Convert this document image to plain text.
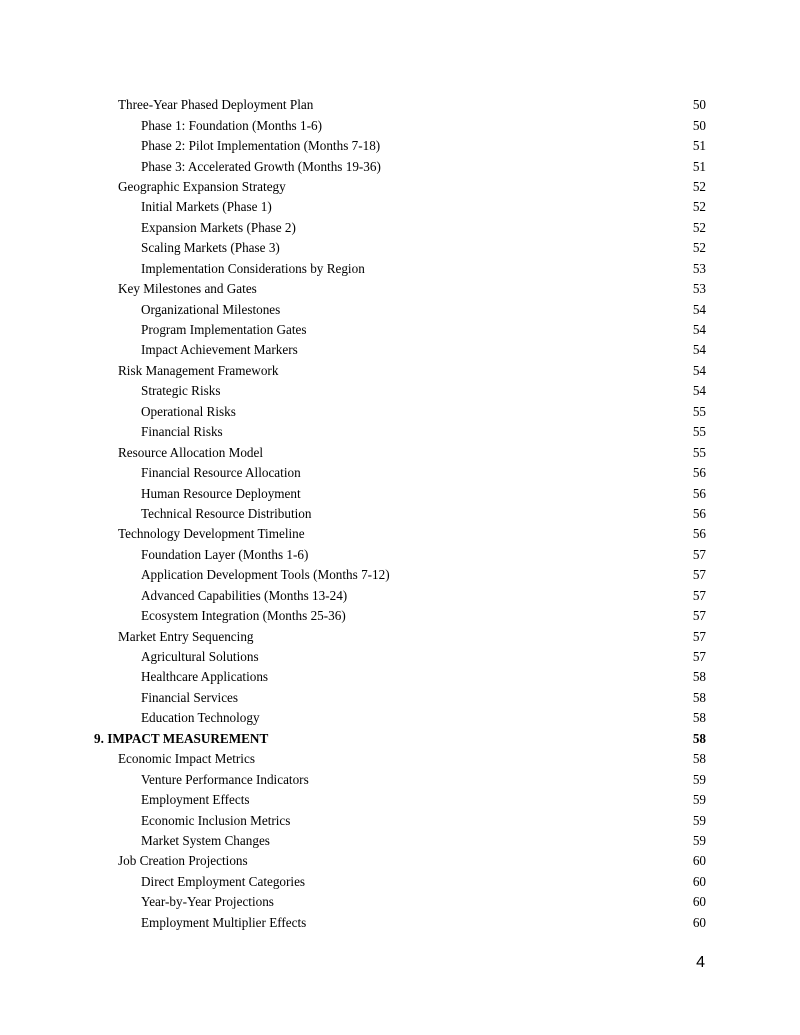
Three-Year Phased Deployment Plan	50
Phase 1: Foundation (Months 1-6)	50
Phase 2: Pilot Implementation (Months 7-18)	51
Phase 3: Accelerated Growth (Months 19-36)	51
Geographic Expansion Strategy	52
Initial Markets (Phase 1)	52
Expansion Markets (Phase 2)	52
Scaling Markets (Phase 3)	52
Implementation Considerations by Region	53
Key Milestones and Gates	53
Organizational Milestones	54
Program Implementation Gates	54
Impact Achievement Markers	54
Risk Management Framework	54
Strategic Risks	54
Operational Risks	55
Financial Risks	55
Resource Allocation Model	55
Financial Resource Allocation	56
Human Resource Deployment	56
Technical Resource Distribution	56
Technology Development Timeline	56
Foundation Layer (Months 1-6)	57
Application Development Tools (Months 7-12)	57
Advanced Capabilities (Months 13-24)	57
Ecosystem Integration (Months 25-36)	57
Market Entry Sequencing	57
Agricultural Solutions	57
Healthcare Applications	58
Financial Services	58
Education Technology	58
9. IMPACT MEASUREMENT	58
Economic Impact Metrics	58
Venture Performance Indicators	59
Employment Effects	59
Economic Inclusion Metrics	59
Market System Changes	59
Job Creation Projections	60
Direct Employment Categories	60
Year-by-Year Projections	60
Employment Multiplier Effects	60
4
